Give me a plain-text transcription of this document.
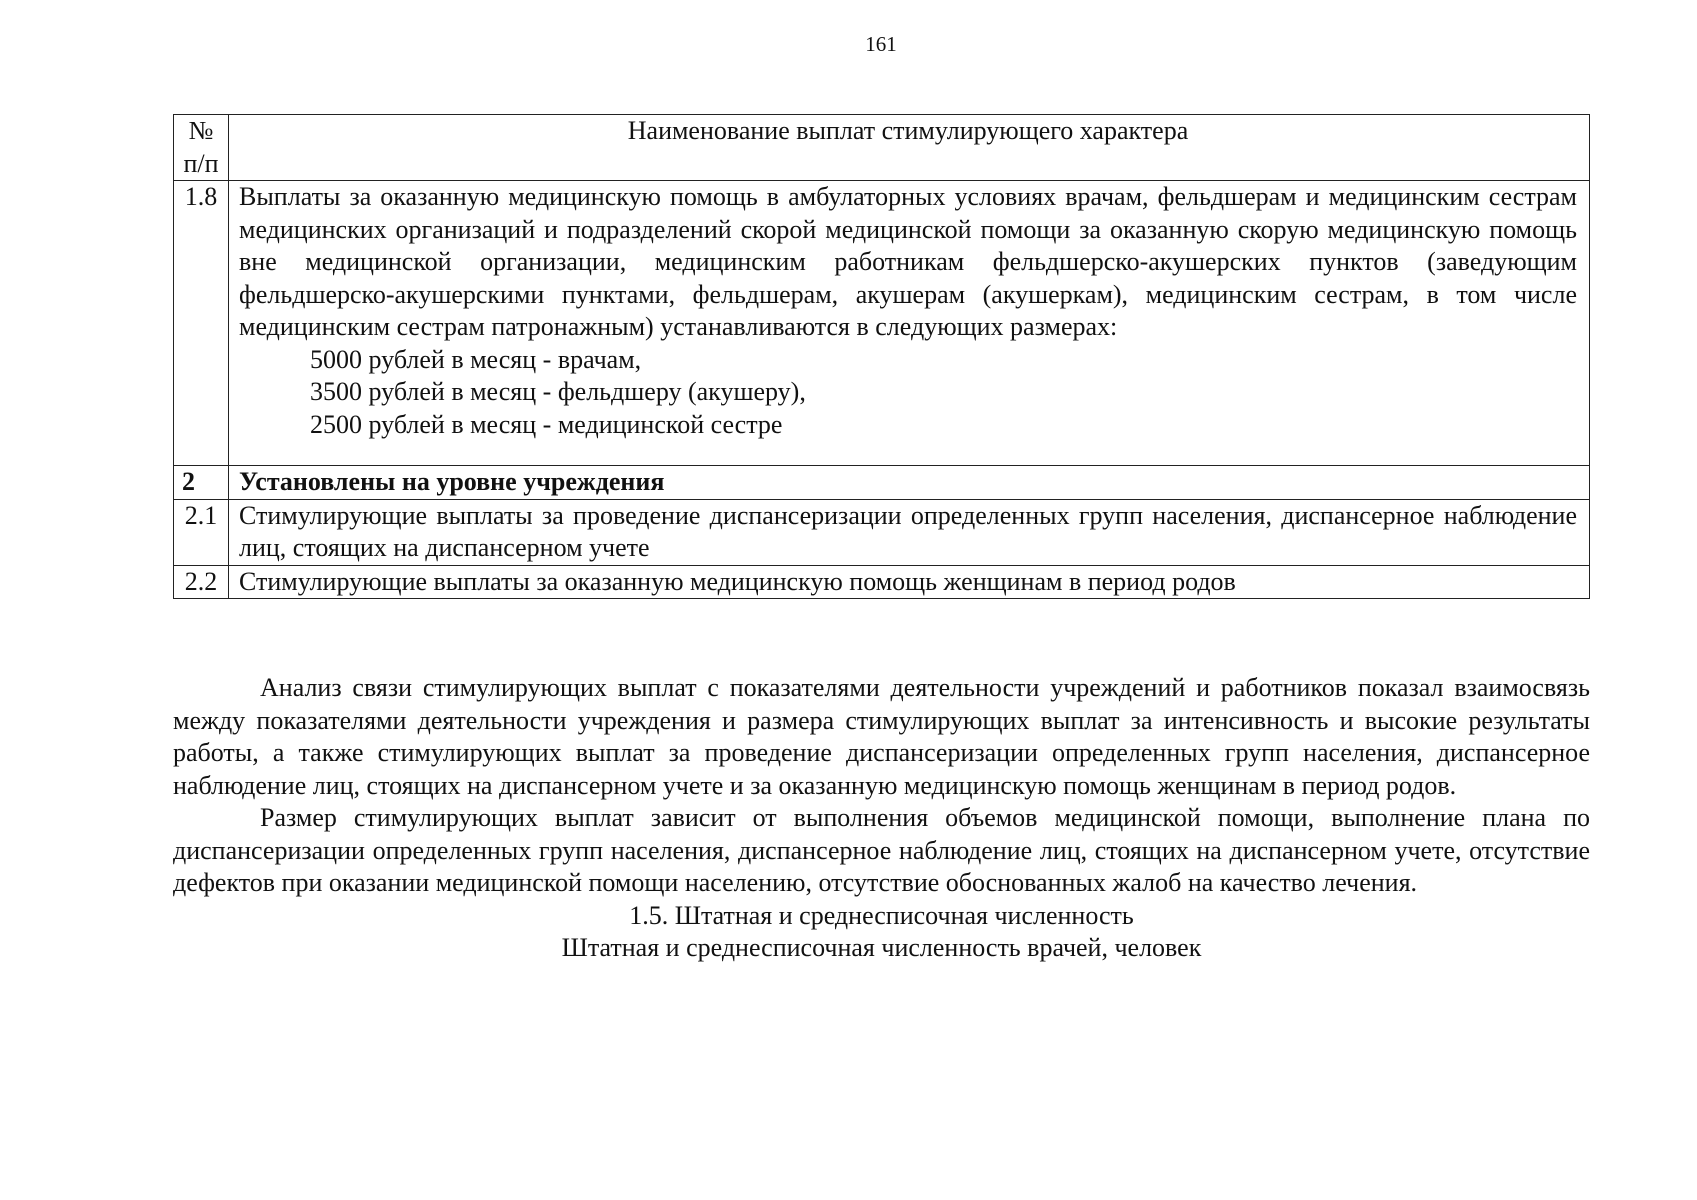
161
№ п/п	Наименование выплат стимулирующего характера
1.8	Выплаты за оказанную медицинскую помощь в амбулаторных условиях врачам, фельдшерам и медицинским сестрам медицинских организаций и подразделений скорой медицинской помощи за оказанную скорую медицинскую помощь вне медицинской организации, медицинским работникам фельдшерско-акушерских пунктов (заведующим фельдшерско-акушерскими пунктами, фельдшерам, акушерам (акушеркам), медицинским сестрам, в том числе медицинским сестрам патронажным) устанавливаются в следующих размерах:
5000 рублей в месяц - врачам,
3500 рублей в месяц - фельдшеру (акушеру),
2500 рублей в месяц - медицинской сестре

2	Установлены на уровне учреждения
2.1	Стимулирующие выплаты за проведение диспансеризации определенных групп населения, диспансерное наблюдение лиц, стоящих на диспансерном учете
2.2	Стимулирующие выплаты за оказанную медицинскую помощь женщинам в период родов

Анализ связи стимулирующих выплат с показателями деятельности учреждений и работников показал взаимосвязь между показателями деятельности учреждения и размера стимулирующих выплат за интенсивность и высокие результаты работы, а также стимулирующих выплат за проведение диспансеризации определенных групп населения, диспансерное наблюдение лиц, стоящих на диспансерном учете и за оказанную медицинскую помощь женщинам в период родов.

Размер стимулирующих выплат зависит от выполнения объемов медицинской помощи, выполнение плана по диспансеризации определенных групп населения, диспансерное наблюдение лиц, стоящих на диспансерном учете, отсутствие дефектов при оказании медицинской помощи населению, отсутствие обоснованных жалоб на качество лечения.

1.5. Штатная и среднесписочная численность

Штатная и среднесписочная численность врачей, человек
